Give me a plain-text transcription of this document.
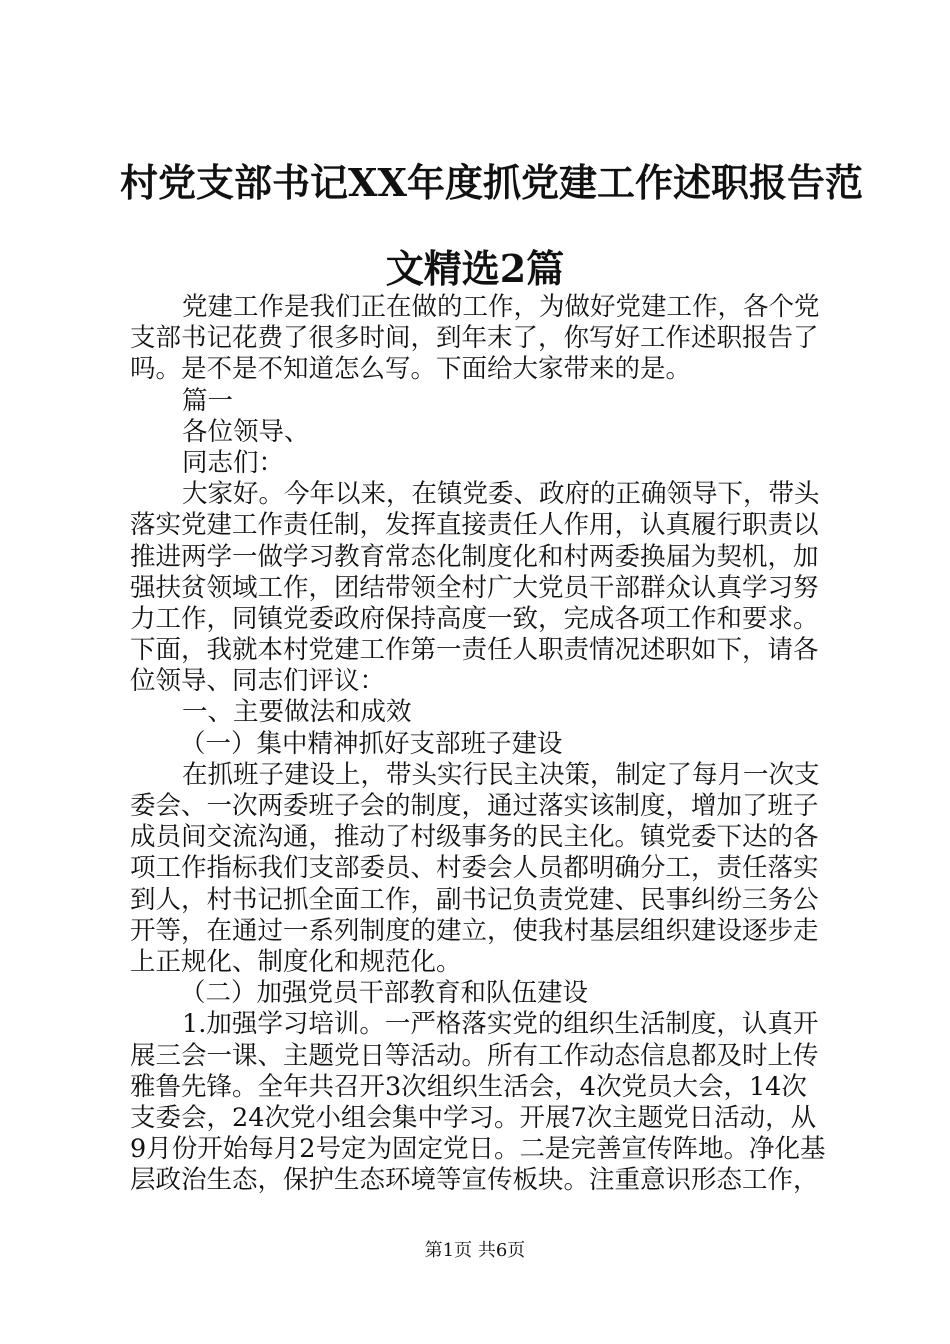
村党支部书记XX年度抓党建工作述职报告范
文精选2篇
党建工作是我们正在做的工作，为做好党建工作，各个党
支部书记花费了很多时间，到年末了，你写好工作述职报告了
吗。是不是不知道怎么写。下面给大家带来的是。
篇一
各位领导、
同志们：
大家好。今年以来，在镇党委、政府的正确领导下，带头
落实党建工作责任制，发挥直接责任人作用，认真履行职责以
推进两学一做学习教育常态化制度化和村两委换届为契机，加
强扶贫领域工作，团结带领全村广大党员干部群众认真学习努
力工作，同镇党委政府保持高度一致，完成各项工作和要求。
下面，我就本村党建工作第一责任人职责情况述职如下，请各
位领导、同志们评议：
一、主要做法和成效
（一）集中精神抓好支部班子建设
在抓班子建设上，带头实行民主决策，制定了每月一次支
委会、一次两委班子会的制度，通过落实该制度，增加了班子
成员间交流沟通，推动了村级事务的民主化。镇党委下达的各
项工作指标我们支部委员、村委会人员都明确分工，责任落实
到人，村书记抓全面工作，副书记负责党建、民事纠纷三务公
开等，在通过一系列制度的建立，使我村基层组织建设逐步走
上正规化、制度化和规范化。
（二）加强党员干部教育和队伍建设
1.加强学习培训。一严格落实党的组织生活制度，认真开
展三会一课、主题党日等活动。所有工作动态信息都及时上传
雅鲁先锋。全年共召开3次组织生活会，4次党员大会，14次
支委会，24次党小组会集中学习。开展7次主题党日活动，从
9月份开始每月2号定为固定党日。二是完善宣传阵地。净化基
层政治生态，保护生态环境等宣传板块。注重意识形态工作，
第1页 共6页
